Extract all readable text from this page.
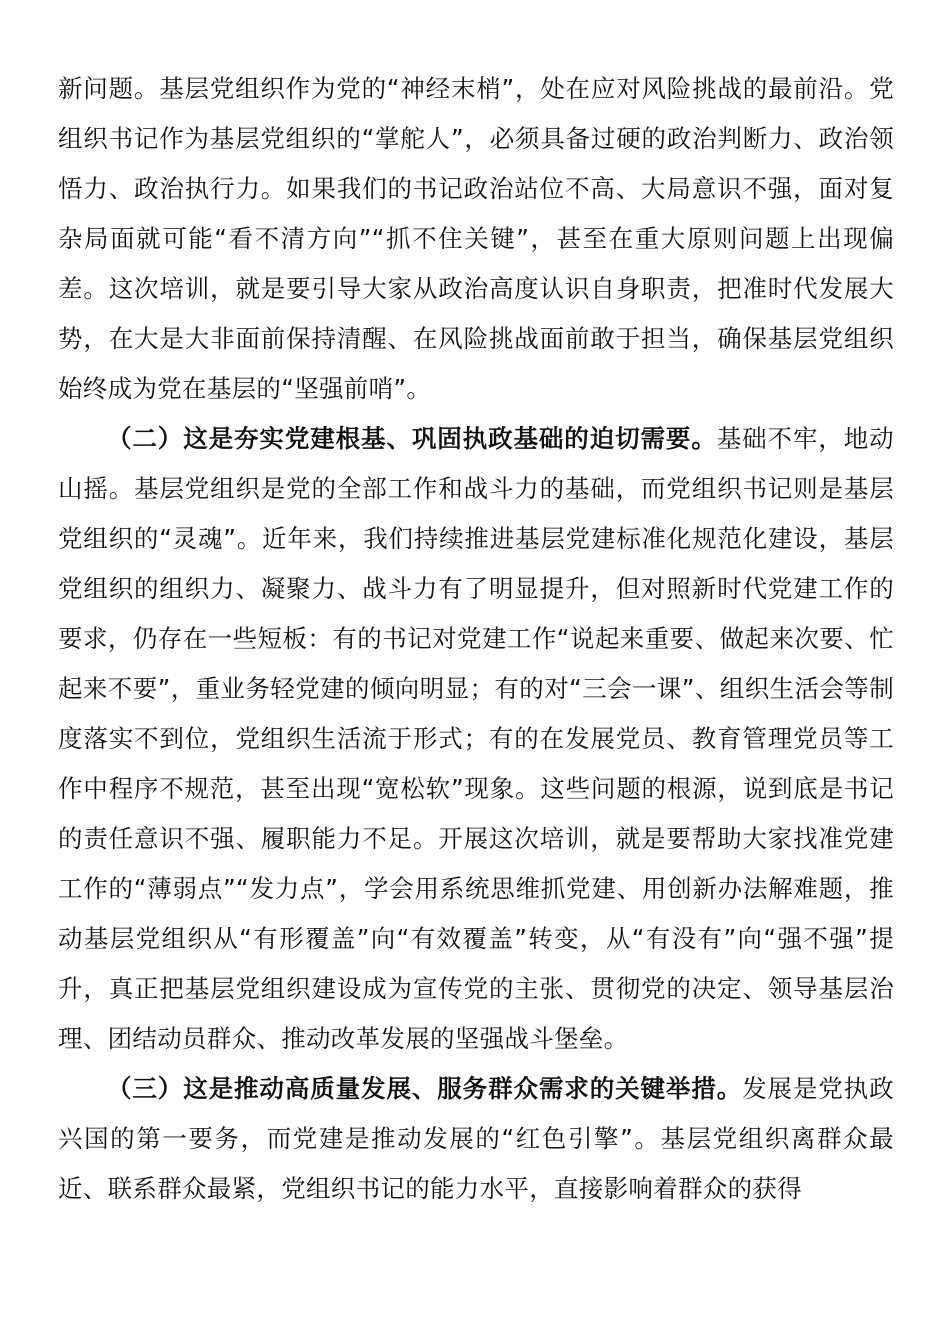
新问题。基层党组织作为党的“神经末梢”，处在应对风险挑战的最前沿。党组织书记作为基层党组织的“掌舵人”，必须具备过硬的政治判断力、政治领悟力、政治执行力。如果我们的书记政治站位不高、大局意识不强，面对复杂局面就可能“看不清方向”“抓不住关键”，甚至在重大原则问题上出现偏差。这次培训，就是要引导大家从政治高度认识自身职责，把准时代发展大势，在大是大非面前保持清醒、在风险挑战面前敢于担当，确保基层党组织始终成为党在基层的“坚强前哨”。

（二）这是夯实党建根基、巩固执政基础的迫切需要。基础不牢，地动山摇。基层党组织是党的全部工作和战斗力的基础，而党组织书记则是基层党组织的“灵魂”。近年来，我们持续推进基层党建标准化规范化建设，基层党组织的组织力、凝聚力、战斗力有了明显提升，但对照新时代党建工作的要求，仍存在一些短板：有的书记对党建工作“说起来重要、做起来次要、忙起来不要”，重业务轻党建的倾向明显；有的对“三会一课”、组织生活会等制度落实不到位，党组织生活流于形式；有的在发展党员、教育管理党员等工作中程序不规范，甚至出现“宽松软”现象。这些问题的根源，说到底是书记的责任意识不强、履职能力不足。开展这次培训，就是要帮助大家找准党建工作的“薄弱点”“发力点”，学会用系统思维抓党建、用创新办法解难题，推动基层党组织从“有形覆盖”向“有效覆盖”转变，从“有没有”向“强不强”提升，真正把基层党组织建设成为宣传党的主张、贯彻党的决定、领导基层治理、团结动员群众、推动改革发展的坚强战斗堡垒。

（三）这是推动高质量发展、服务群众需求的关键举措。发展是党执政兴国的第一要务，而党建是推动发展的“红色引擎”。基层党组织离群众最近、联系群众最紧，党组织书记的能力水平，直接影响着群众的获得
